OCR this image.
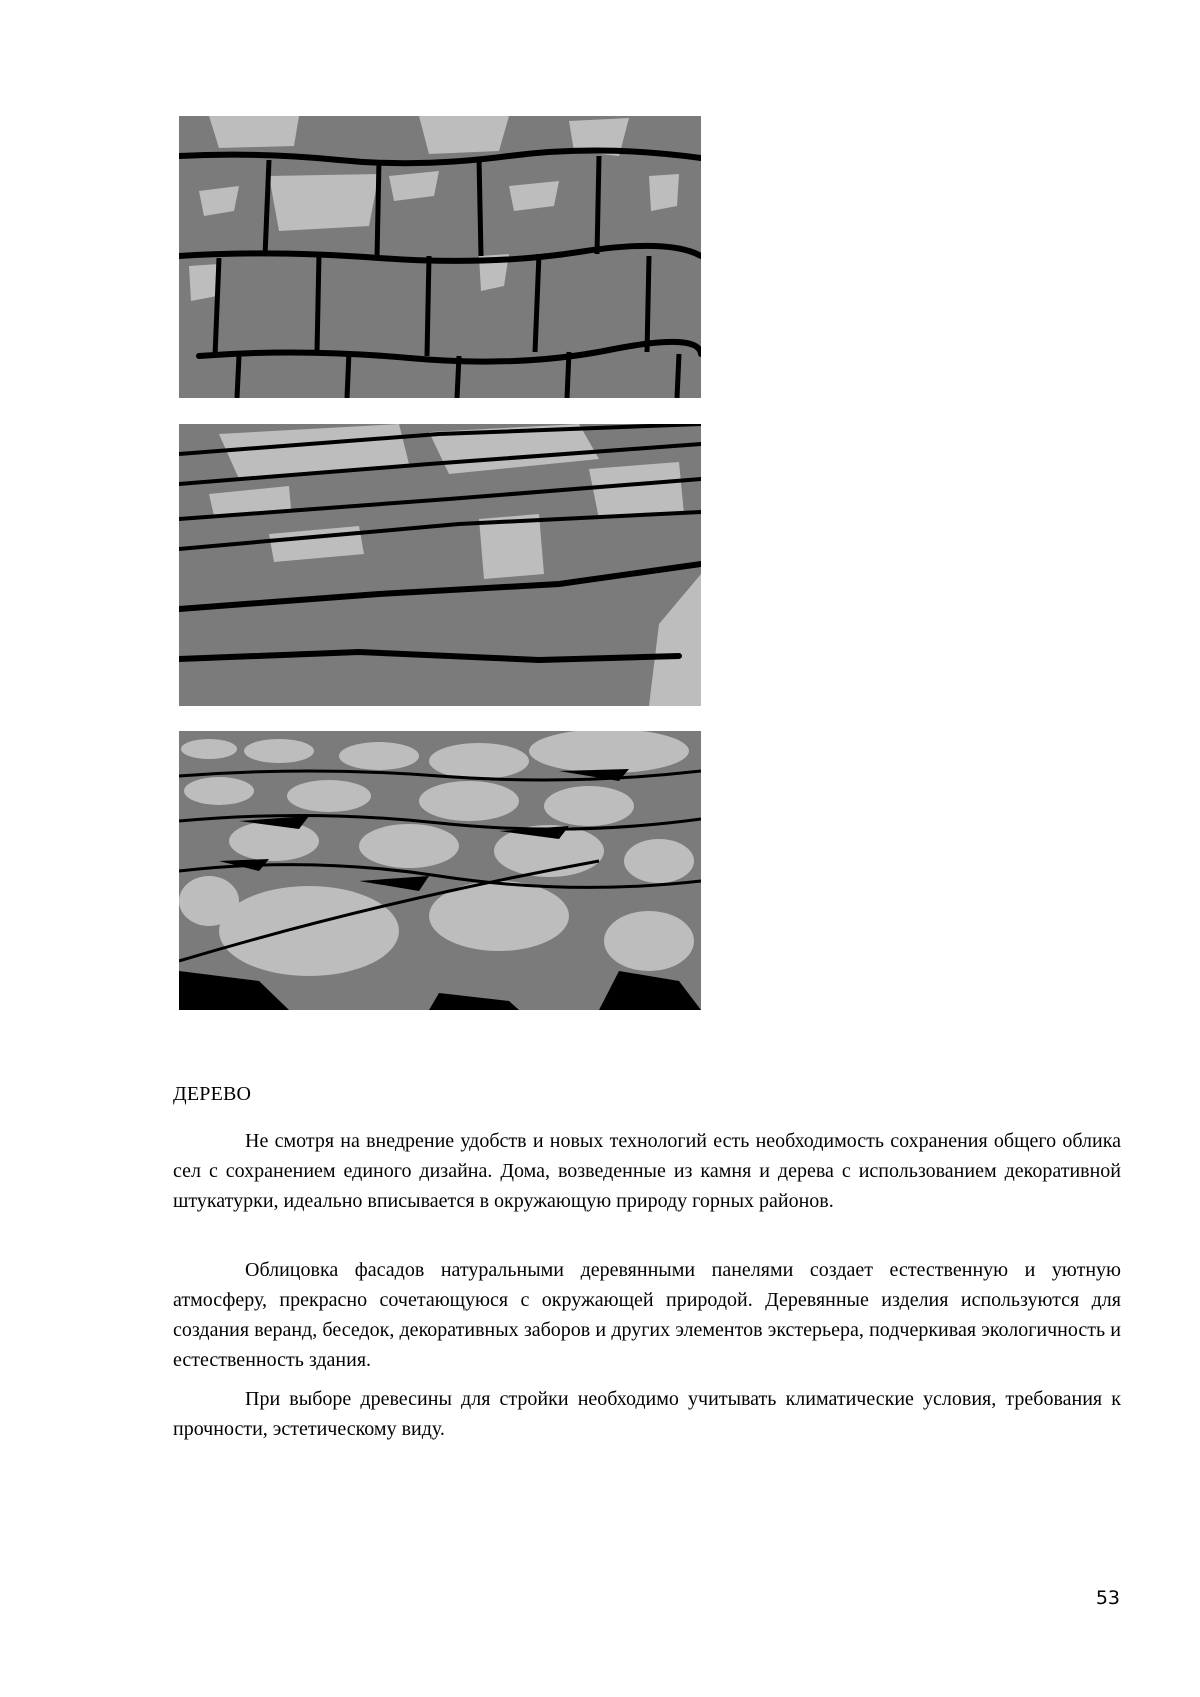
ДЕРЕВО

Не смотря на внедрение удобств и новых технологий есть необходимость сохранения общего облика сел с сохранением единого дизайна. Дома, возведенные из камня и дерева с использованием декоративной штукатурки, идеально вписывается в окружающую природу горных районов.

Облицовка фасадов натуральными деревянными панелями создает естественную и уютную атмосферу, прекрасно сочетающуюся с окружающей природой. Деревянные изделия используются для создания веранд, беседок, декоративных заборов и других элементов экстерьера, подчеркивая экологичность и естественность здания.

При выборе древесины для стройки необходимо учитывать климатические условия, требования к прочности, эстетическому виду.

53
